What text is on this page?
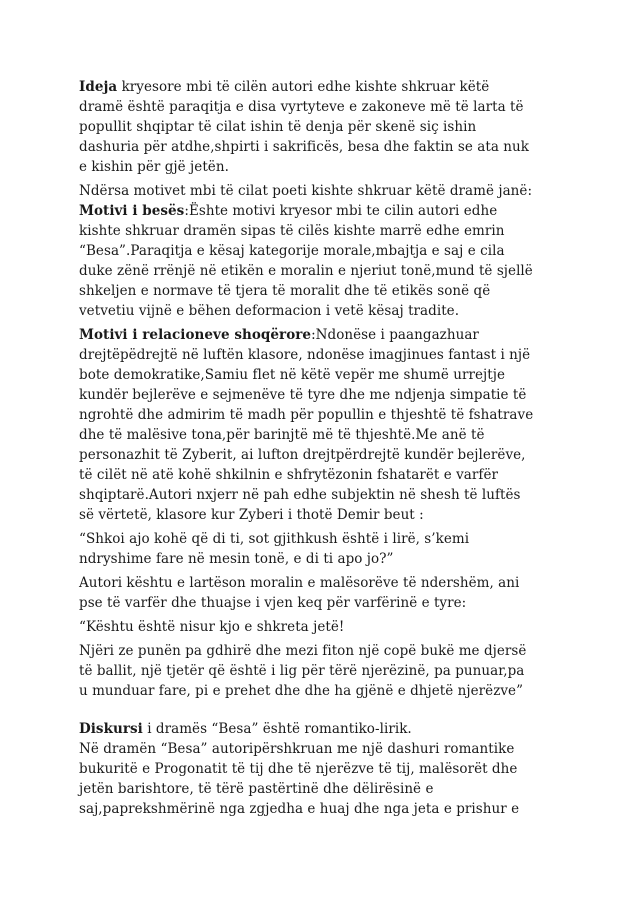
Ideja kryesore mbi të cilën autori edhe kishte shkruar këtë
dramë është paraqitja e disa vyrtyteve e zakoneve më të larta të
popullit shqiptar të cilat ishin të denja për skenë siç ishin
dashuria për atdhe,shpirti i sakrificës, besa dhe faktin se ata nuk
e kishin për gjë jetën.
Ndërsa motivet mbi të cilat poeti kishte shkruar këtë dramë janë:
Motivi i besës:Ështe motivi kryesor mbi te cilin autori edhe
kishte shkruar dramën sipas të cilës kishte marrë edhe emrin
“Besa”.Paraqitja e kësaj kategorije morale,mbajtja e saj e cila
duke zënë rrënjë në etikën e moralin e njeriut tonë,mund të sjellë
shkeljen e normave të tjera të moralit dhe të etikës sonë që
vetvetiu vijnë e bëhen deformacion i vetë kësaj tradite.
Motivi i relacioneve shoqërore:Ndonëse i paangazhuar
drejtëpëdrejtë në luftën klasore, ndonëse imagjinues fantast i një
bote demokratike,Samiu flet në këtë vepër me shumë urrejtje
kundër bejlerëve e sejmenëve të tyre dhe me ndjenja simpatie të
ngrohtë dhe admirim të madh për popullin e thjeshtë të fshatrave
dhe të malësive tona,për barinjtë më të thjeshtë.Me anë të
personazhit të Zyberit, ai lufton drejtpërdrejtë kundër bejlerëve,
të cilët në atë kohë shkilnin e shfrytëzonin fshatarët e varfër
shqiptarë.Autori nxjerr në pah edhe subjektin në shesh të luftës
së vërtetë, klasore kur Zyberi i thotë Demir beut :
“Shkoi ajo kohë që di ti, sot gjithkush është i lirë, s’kemi
ndryshime fare në mesin tonë, e di ti apo jo?”
Autori kështu e lartëson moralin e malësorëve të ndershëm, ani
pse të varfër dhe thuajse i vjen keq për varfërinë e tyre:
“Kështu është nisur kjo e shkreta jetë!
Njëri ze punën pa gdhirë dhe mezi fiton një copë bukë me djersë
të ballit, një tjetër që është i lig për tërë njerëzinë, pa punuar,pa
u munduar fare, pi e prehet dhe dhe ha gjënë e dhjetë njerëzve”
Diskursi i dramës “Besa” është romantiko-lirik.
Në dramën “Besa” autoripërshkruan me një dashuri romantike
bukuritë e Progonatit të tij dhe të njerëzve të tij, malësorët dhe
jetën barishtore, të tërë pastërtinë dhe dëlirësinë e
saj,paprekshmërinë nga zgjedha e huaj dhe nga jeta e prishur e
